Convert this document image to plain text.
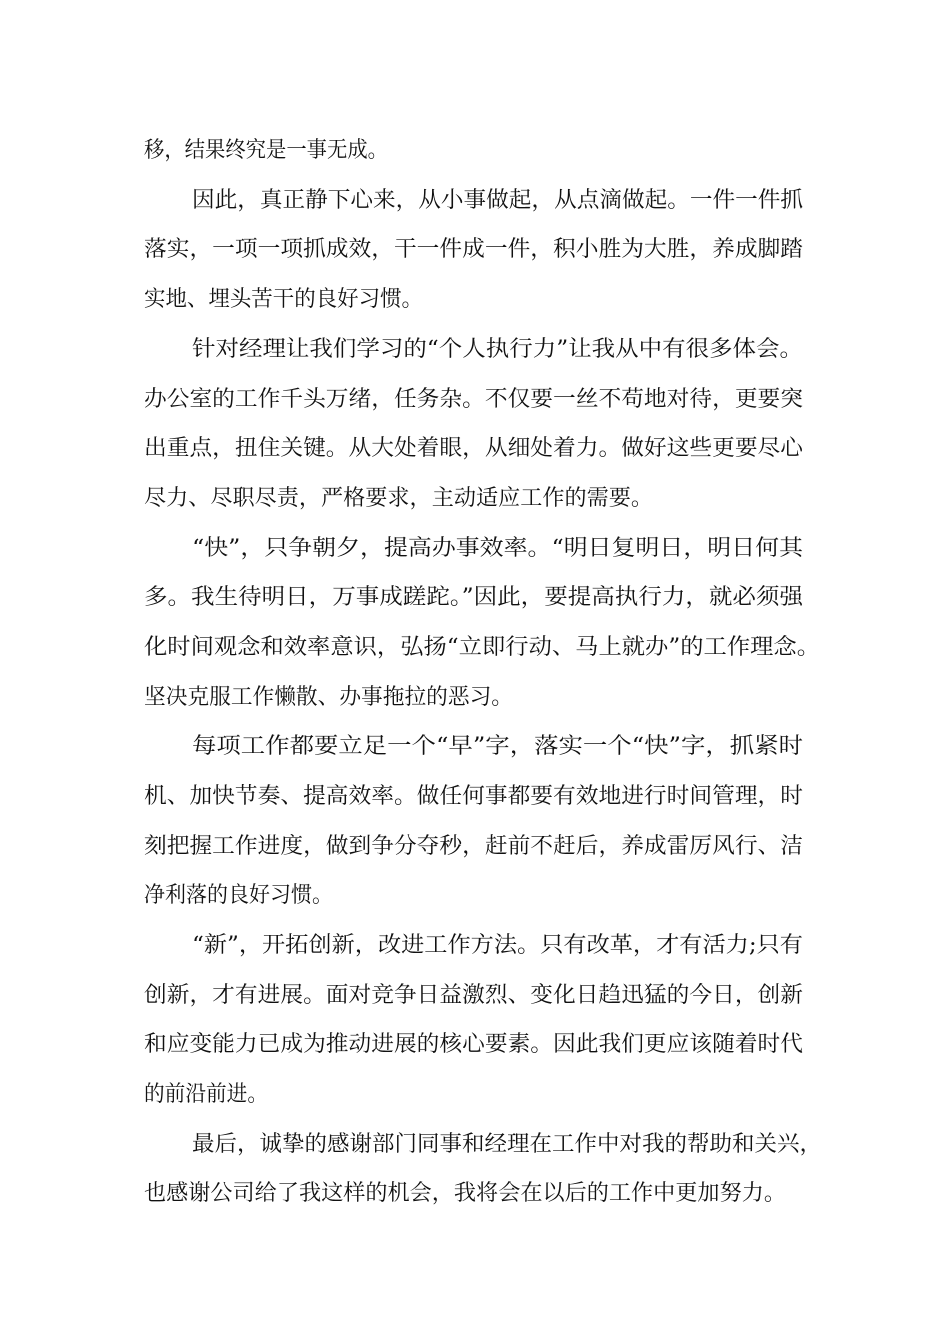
移，结果终究是一事无成。
因此，真正静下心来，从小事做起，从点滴做起。一件一件抓
落实，一项一项抓成效，干一件成一件，积小胜为大胜，养成脚踏
实地、埋头苦干的良好习惯。
针对经理让我们学习的“个人执行力”让我从中有很多体会。
办公室的工作千头万绪，任务杂。不仅要一丝不苟地对待，更要突
出重点，扭住关键。从大处着眼，从细处着力。做好这些更要尽心
尽力、尽职尽责，严格要求，主动适应工作的需要。
“快”，只争朝夕，提高办事效率。“明日复明日，明日何其
多。我生待明日，万事成蹉跎。”因此，要提高执行力，就必须强
化时间观念和效率意识，弘扬“立即行动、马上就办”的工作理念。
坚决克服工作懒散、办事拖拉的恶习。
每项工作都要立足一个“早”字，落实一个“快”字，抓紧时
机、加快节奏、提高效率。做任何事都要有效地进行时间管理，时
刻把握工作进度，做到争分夺秒，赶前不赶后，养成雷厉风行、洁
净利落的良好习惯。
“新”，开拓创新，改进工作方法。只有改革，才有活力;只有
创新，才有进展。面对竞争日益激烈、变化日趋迅猛的今日，创新
和应变能力已成为推动进展的核心要素。因此我们更应该随着时代
的前沿前进。
最后，诚挚的感谢部门同事和经理在工作中对我的帮助和关兴，
也感谢公司给了我这样的机会，我将会在以后的工作中更加努力。
